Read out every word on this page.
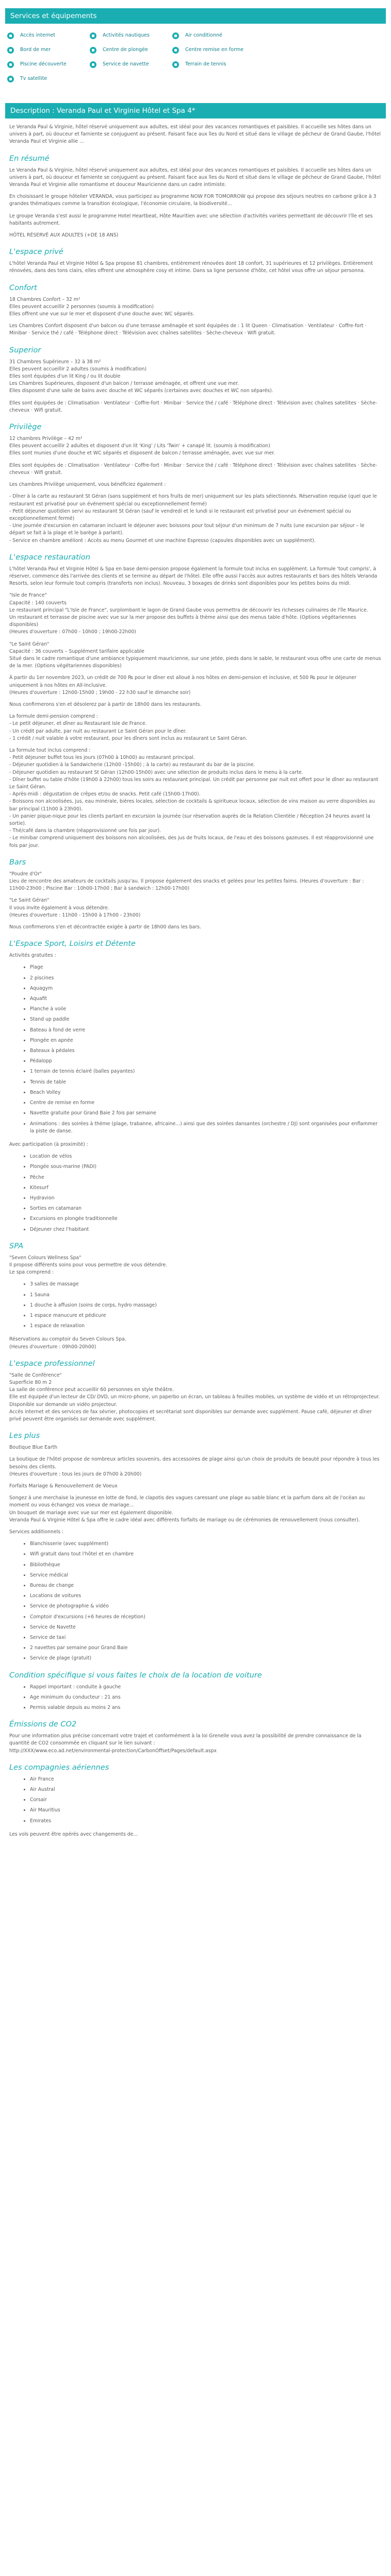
Services et équipements
Accès internet	Activités nautiques	Air conditionné
Bord de mer	Centre de plongée	Centre remise en forme
Piscine découverte	Service de navette	Terrain de tennis
Tv satellite
Description : Veranda Paul et Virginie Hôtel et Spa 4*

Le Veranda Paul & Virginie, hôtel réservé uniquement aux adultes, est idéal pour des vacances romantiques et paisibles. Il accueille ses hôtes dans un univers à part, où douceur et farniente se conjuguent au présent. Faisant face aux îles du Nord et situé dans le village de pêcheur de Grand Gaube, l'hôtel Veranda Paul et Virginie allie ...

En résumé

Le Veranda Paul & Virginie, hôtel réservé uniquement aux adultes, est idéal pour des vacances romantiques et paisibles. Il accueille ses hôtes dans un univers à part, où douceur et farniente se conjuguent au présent. Faisant face aux îles du Nord et situé dans le village de pêcheur de Grand Gaube, l'hôtel Veranda Paul et Virginie allie romantisme et douceur Mauricienne dans un cadre intimiste.

En choisissant le groupe hôtelier VERANDA, vous participez au programme NOW FOR TOMORROW qui propose des séjours neutres en carbone grâce à 3 grandes thématiques comme la transition écologique, l'économie circulaire, la biodiversité...

Le groupe Veranda s'est aussi le programme Hotel Heartbeat, Hôte Mauritien avec une sélection d'activités variées permettant de découvrir l'île et ses habitants autrement.

HÔTEL RÉSERVÉ AUX ADULTES (+DE 18 ANS)

L'espace privé

L'hôtel Veranda Paul et Virginie Hôtel & Spa propose 81 chambres, entièrement rénovées dont 18 confort, 31 supérieures et 12 privilèges. Entièrement rénovées, dans des tons clairs, elles offrent une atmosphère cosy et intime. Dans sa ligne personne d'hôte, cet hôtel vous offre un séjour personna.

Confort

18 Chambres Confort – 32 m²
Elles peuvent accueillir 2 personnes (soumis à modification)
Elles offrent une vue sur le mer et disposent d'une douche avec WC séparés.

Les Chambres Confort disposent d'un balcon ou d'une terrasse aménagée et sont équipées de : 1 lit Queen · Climatisation · Ventilateur · Coffre-fort · Minibar · Service thé / café · Téléphone direct · Télévision avec chaînes satellites · Sèche-cheveux · Wifi gratuit.

Superior

31 Chambres Supérieure – 32 à 38 m²
Elles peuvent accueillir 2 adultes (soumis à modification)
Elles sont équipées d'un lit King / ou lit double
Les Chambres Supérieures, disposent d'un balcon / terrasse aménagée, et offrent une vue mer.
Elles disposent d'une salle de bains avec douche et WC séparés (certaines avec douches et WC non séparés).

Elles sont équipées de : Climatisation · Ventilateur · Coffre-fort · Minibar · Service thé / café · Téléphone direct · Télévision avec chaînes satellites · Sèche-cheveux · Wifi gratuit.

Privilège

12 chambres Privilège – 42 m²
Elles peuvent accueillir 2 adultes et disposent d'un lit 'King' / Lits 'Twin' + canapé lit. (soumis à modification)
Elles sont munies d'une douche et WC séparés et disposent de balcon / terrasse aménagée, avec vue sur mer.

Elles sont équipées de : Climatisation · Ventilateur · Coffre-fort · Minibar · Service thé / café · Téléphone direct · Télévision avec chaînes satellites · Sèche-cheveux · Wifi gratuit.

Les chambres Privilège uniquement, vous bénéficiez également :

- Dîner à la carte au restaurant St Géran (sans supplément et hors fruits de mer) uniquement sur les plats sélectionnés. Réservation requise (quel que le restaurant est privatisé pour un événement spécial ou exceptionnellement fermé)
- Petit déjeuner quotidien servi au restaurant St Géran (sauf le vendredi et le lundi si le restaurant est privatisé pour un événement spécial ou exceptionnellement fermé)
- Une journée d'excursion en catamaran incluant le déjeuner avec boissons pour tout séjour d'un minimum de 7 nuits (une excursion par séjour – le départ se fait à la plage et le barège à parlant).
- Service en chambre amélioré : Accès au menu Gourmet et une machine Espresso (capsules disponibles avec un supplément).

L'espace restauration

L'hôtel Veranda Paul et Virginie Hôtel & Spa en base demi-pension propose également la formule tout inclus en supplément. La formule 'tout compris', à réserver, commence dès l'arrivée des clients et se termine au départ de l'hôtel. Elle offre aussi l'accès aux autres restaurants et bars des hôtels Veranda Resorts, selon leur formule tout compris (transferts non inclus). Nouveau, 3 boxages de drinks sont disponibles pour les petites boins du midi.

"Isle de France"
Capacité : 140 couverts
Le restaurant principal "L'Isle de France", surplombant le lagon de Grand Gaube vous permettra de découvrir les richesses culinaires de l'île Maurice.
Un restaurant et terrasse de piscine avec vue sur la mer propose des buffets à thème ainsi que des menus table d'hôte. (Options végétariennes disponibles)
(Heures d'ouverture : 07h00 - 10h00 ; 19h00-22h00)

"Le Saint Géran"
Capacité : 36 couverts – Supplément tarifaire applicable
Situé dans le cadre romantique d'une ambiance typiquement mauricienne, sur une jetée, pieds dans le sable, le restaurant vous offre une carte de menus de la mer. (Options végétariennes disponibles)

À partir du 1er novembre 2023, un crédit de 700 ₨ pour le dîner est alloué à nos hôtes en demi-pension et inclusive, et 500 ₨ pour le déjeuner uniquement à nos hôtes en All-Inclusive.
(Heures d'ouverture : 12h00-15h00 ; 19h00 - 22 h30 sauf le dimanche soir)

Nous confirmerons s'en et désolerez par à partir de 18h00 dans les restaurants.

La formule demi-pension comprend :
- Le petit déjeuner, et dîner au Restaurant Isle de France.
- Un crédit par adulte, par nuit au restaurant Le Saint Géran pour le dîner.
- 1 crédit / nuit valable à votre restaurant, pour les dîners sont inclus au restaurant Le Saint Géran.

La formule tout inclus comprend :
- Petit déjeuner buffet tous les jours (07h00 à 10h00) au restaurant principal.
- Déjeuner quotidien à la Sandwicherie (12h00 -15h00) ; à la carte) au restaurant du bar de la piscine.
- Déjeuner quotidien au restaurant St Géran (12h00-15h00) avec une sélection de produits inclus dans le menu à la carte.
- Dîner buffet ou table d'hôte (19h00 à 22h00) tous les soirs au restaurant principal. Un crédit par personne par nuit est offert pour le dîner au restaurant Le Saint Géran.
- Après-midi : dégustation de crêpes et/ou de snacks. Petit café (15h00-17h00).
- Boissons non alcoolisées, jus, eau minérale, bières locales, sélection de cocktails & spiritueux locaux, sélection de vins maison au verre disponibles au bar principal (11h00 à 23h00).
- Un panier pique-nique pour les clients partant en excursion la journée (sur réservation auprès de la Relation Clientèle / Réception 24 heures avant la sortie).
- Thé/café dans la chambre (réapprovisionné une fois par jour).
- Le minibar comprend uniquement des boissons non alcoolisées, des jus de fruits locaux, de l'eau et des boissons gazeuses. Il est réapprovisionné une fois par jour.

Bars

"Poudre d'Or"
Lieu de rencontre des amateurs de cocktails jusqu'au. Il propose également des snacks et gelées pour les petites faims. (Heures d'ouverture : Bar : 11h00-23h00 ; Piscine Bar : 10h00-17h00 ; Bar à sandwich : 12h00-17h00)

"Le Saint Géran"
Il vous invite également à vous détendre.
(Heures d'ouverture : 11h00 - 15h00 à 17h00 - 23h00)

Nous confirmerons s'en et décontractée exigée à partir de 18h00 dans les bars.

L'Espace Sport, Loisirs et Détente

Activités gratuites :

• Plage
• 2 piscines
• Aquagym
• Aquafit
• Planche à voile
• Stand up paddle
• Bateau à fond de verre
• Plongée en apnée
• Bateaux à pédales
• Pédalopp
• 1 terrain de tennis éclairé (balles payantes)
• Tennis de table
• Beach Volley
• Centre de remise en forme
• Navette gratuite pour Grand Baie 2 fois par semaine
• Animations : des soirées à thème (plage, trabanne, africaine...) ainsi que des soirées dansantes (orchestre / DJ) sont organisées pour enflammer la piste de danse.

Avec participation (à proximité) :

• Location de vélos
• Plongée sous-marine (PADI)
• Pêche
• Kitesurf
• Hydravion
• Sorties en catamaran
• Excursions en plongée traditionnelle
• Déjeuner chez l'habitant
SPA

"Seven Colours Wellness Spa"
Il propose différents soins pour vous permettre de vous détendre.
Le spa comprend :

• 3 salles de massage
• 1 Sauna
• 1 douche à affusion (soins de corps, hydro massage)
• 1 espace manucure et pédicure
• 1 espace de relaxation

Réservations au comptoir du Seven Colours Spa.
(Heures d'ouverture : 09h00-20h00)

L'espace professionnel

"Salle de Conférence"
Superficie 80 m 2
La salle de conférence peut accueillir 60 personnes en style théâtre.
Elle est équipée d'un lecteur de CD/ DVD, un micro-phone, un paperbo un écran, un tableau à feuilles mobiles, un système de vidéo et un rétroprojecteur.
Disponible sur demande un vidéo projecteur.
Accès internet et des services de fax sévrier, photocopies et secrétariat sont disponibles sur demande avec supplément. Pause café, déjeuner et dîner privé peuvent être organisés sur demande avec supplément.

Les plus

Boutique Blue Earth

La boutique de l'hôtel propose de nombreux articles souvenirs, des accessoires de plage ainsi qu'un choix de produits de beauté pour répondre à tous les besoins des clients.
(Heures d'ouverture : tous les jours de 07h00 à 20h00)

Forfaits Mariage & Renouvellement de Voeux

Songez à une merchaise la jeunesse en lotte de fond, le clapotis des vagues caressant une plage au sable blanc et la parfum dans ait de l'océan au moment ou vous échangez vos voeux de mariage...
Un bouquet de mariage avec vue sur mer est également disponible.
Veranda Paul & Virginie Hôtel & Spa offre le cadre idéal avec différents forfaits de mariage ou de cérémonies de renouvellement (nous consulter).

Services additionnels :

• Blanchisserie (avec supplément)
• Wifi gratuit dans tout l'hôtel et en chambre
• Bibliothèque
• Service médical
• Bureau de change
• Locations de voitures
• Service de photographie & vidéo
• Comptoir d'excursions (+6 heures de réception)
• Service de Navette
• Service de taxi
• 2 navettes par semaine pour Grand Baie
• Service de plage (gratuit)
Condition spécifique si vous faites le choix de la location de voiture
• Rappel important : conduite à gauche
• Age minimum du conducteur : 21 ans
• Permis valable depuis au moins 2 ans
Émissions de CO2

Pour une information plus précise concernant votre trajet et conformément à la loi Grenelle vous avez la possibilité de prendre connaissance de la quantité de CO2 consommée en cliquant sur le lien suivant :
http://XXX/www.eco.ad.net/environmental-protection/CarbonOffset/Pages/default.aspx

Les compagnies aériennes
• Air France
• Air Austral
• Corsair
• Air Mauritius
• Emirates

Les vols peuvent être opérés avec changements de...
